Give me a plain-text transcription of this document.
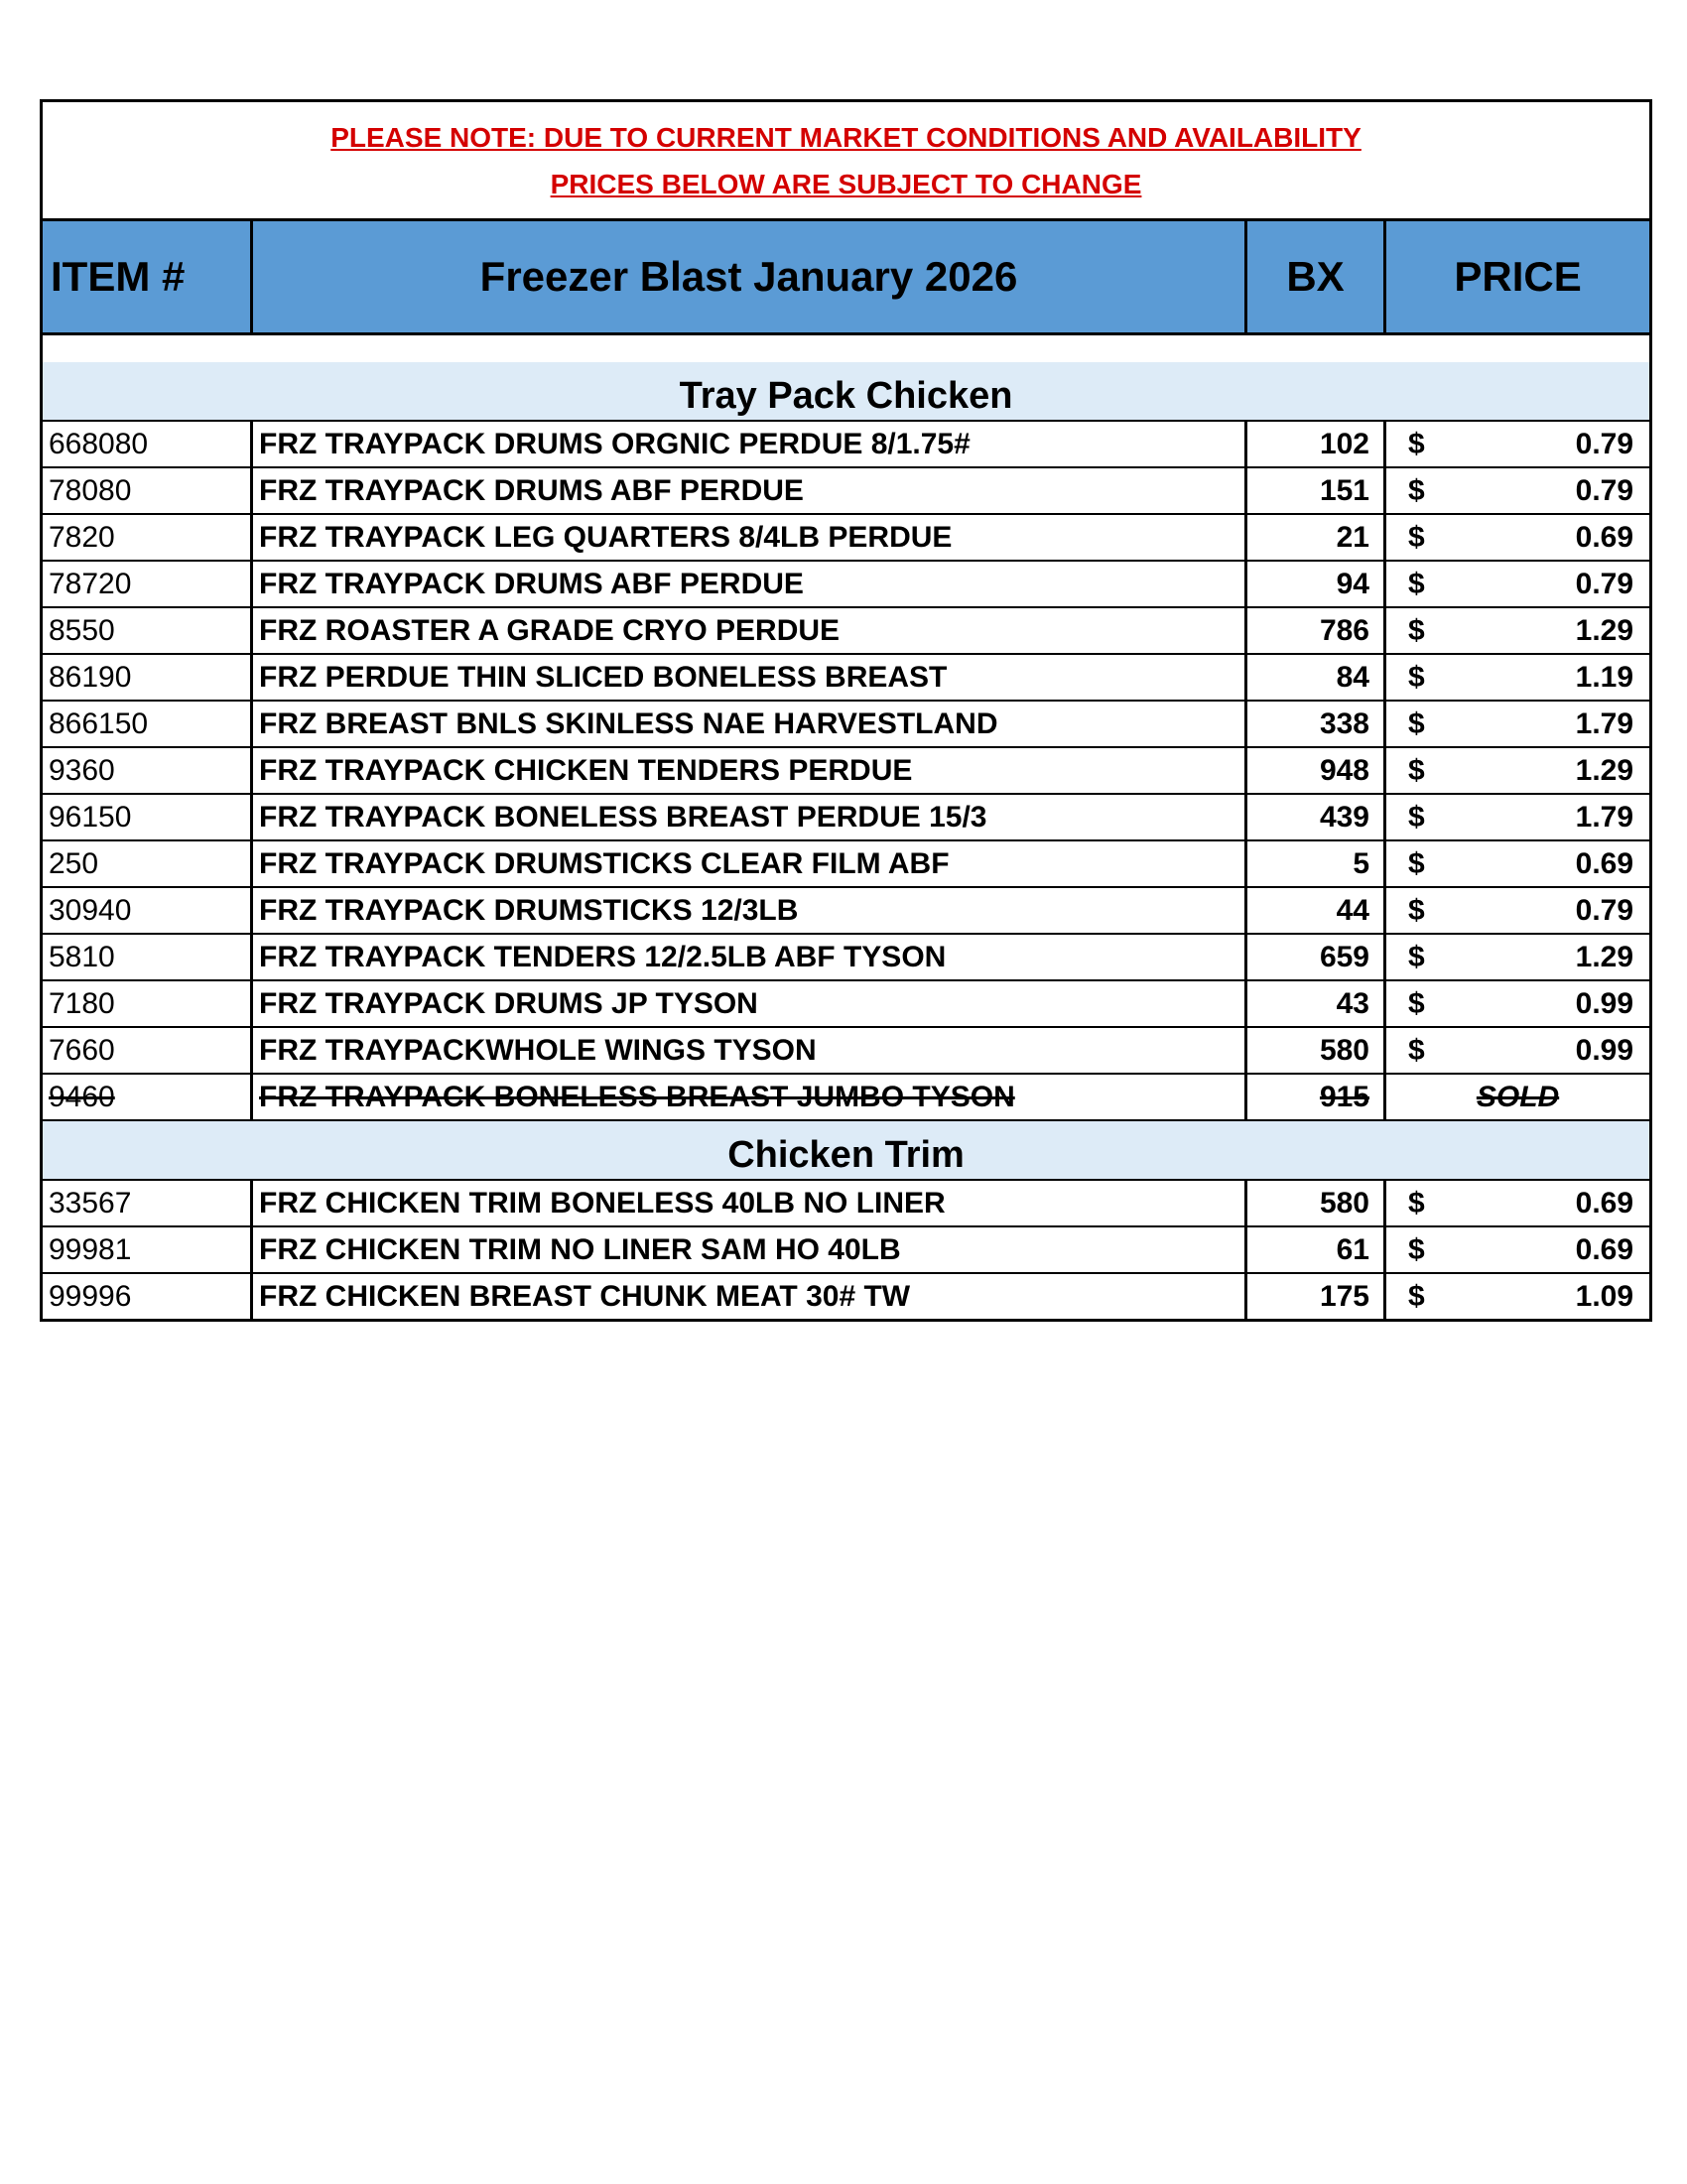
PLEASE NOTE: DUE TO CURRENT MARKET CONDITIONS AND AVAILABILITY
PRICES BELOW ARE SUBJECT TO CHANGE			

ITEM #	Freezer Blast January 2026	BX	PRICE

Tray Pack Chicken			
668080	FRZ TRAYPACK DRUMS ORGNIC PERDUE 8/1.75#	102	$ 0.79

78080	FRZ TRAYPACK DRUMS ABF PERDUE	151	$ 0.79

7820	FRZ TRAYPACK LEG QUARTERS 8/4LB PERDUE	21	$ 0.69

78720	FRZ TRAYPACK DRUMS ABF PERDUE	94	$ 0.79

8550	FRZ ROASTER A GRADE CRYO PERDUE	786	$ 1.29

86190	FRZ PERDUE THIN SLICED BONELESS BREAST	84	$ 1.19

866150	FRZ BREAST BNLS SKINLESS NAE HARVESTLAND	338	$ 1.79

9360	FRZ TRAYPACK CHICKEN TENDERS PERDUE	948	$ 1.29

96150	FRZ TRAYPACK BONELESS BREAST PERDUE 15/3	439	$ 1.79

250	FRZ TRAYPACK DRUMSTICKS CLEAR FILM ABF	5	$ 0.69

30940	FRZ TRAYPACK DRUMSTICKS 12/3LB	44	$ 0.79

5810	FRZ TRAYPACK TENDERS 12/2.5LB ABF TYSON	659	$ 1.29

7180	FRZ TRAYPACK DRUMS JP TYSON	43	$ 0.99

7660	FRZ TRAYPACKWHOLE WINGS TYSON	580	$ 0.99

9460	FRZ TRAYPACK BONELESS BREAST JUMBO TYSON	915	SOLD
Chicken Trim			
33567	FRZ CHICKEN TRIM BONELESS 40LB NO LINER	580	$ 0.69

99981	FRZ CHICKEN TRIM NO LINER SAM HO 40LB	61	$ 0.69

99996	FRZ CHICKEN BREAST CHUNK MEAT 30# TW	175	$ 1.09
